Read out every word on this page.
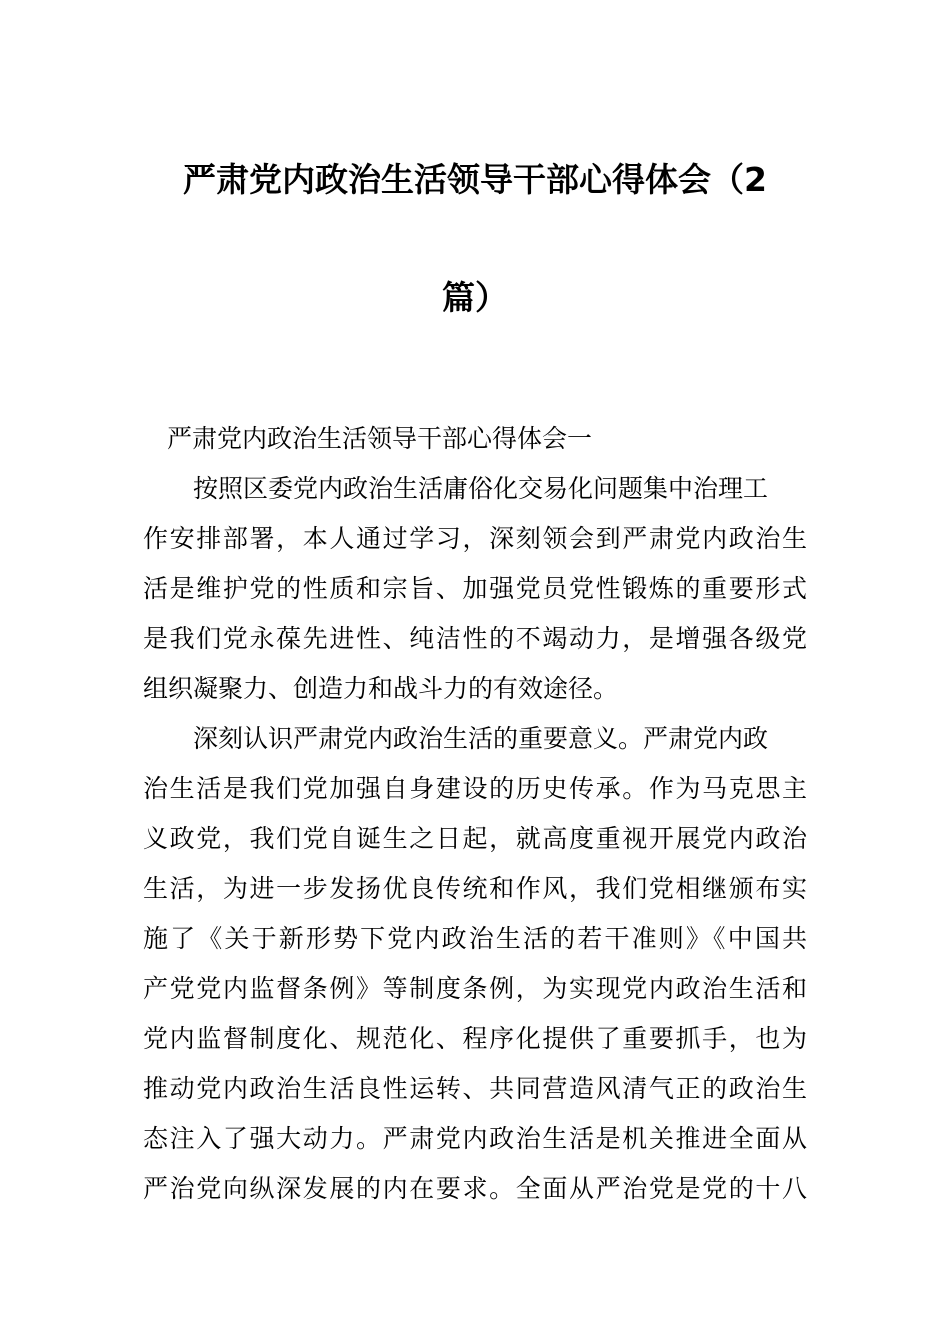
严肃党内政治生活领导干部心得体会（2
篇）
严肃党内政治生活领导干部心得体会一
按照区委党内政治生活庸俗化交易化问题集中治理工
作安排部署，本人通过学习，深刻领会到严肃党内政治生
活是维护党的性质和宗旨、加强党员党性锻炼的重要形式
是我们党永葆先进性、纯洁性的不竭动力，是增强各级党
组织凝聚力、创造力和战斗力的有效途径。
深刻认识严肃党内政治生活的重要意义。严肃党内政
治生活是我们党加强自身建设的历史传承。作为马克思主
义政党，我们党自诞生之日起，就高度重视开展党内政治
生活，为进一步发扬优良传统和作风，我们党相继颁布实
施了《关于新形势下党内政治生活的若干准则》《中国共
产党党内监督条例》等制度条例，为实现党内政治生活和
党内监督制度化、规范化、程序化提供了重要抓手，也为
推动党内政治生活良性运转、共同营造风清气正的政治生
态注入了强大动力。严肃党内政治生活是机关推进全面从
严治党向纵深发展的内在要求。全面从严治党是党的十八
